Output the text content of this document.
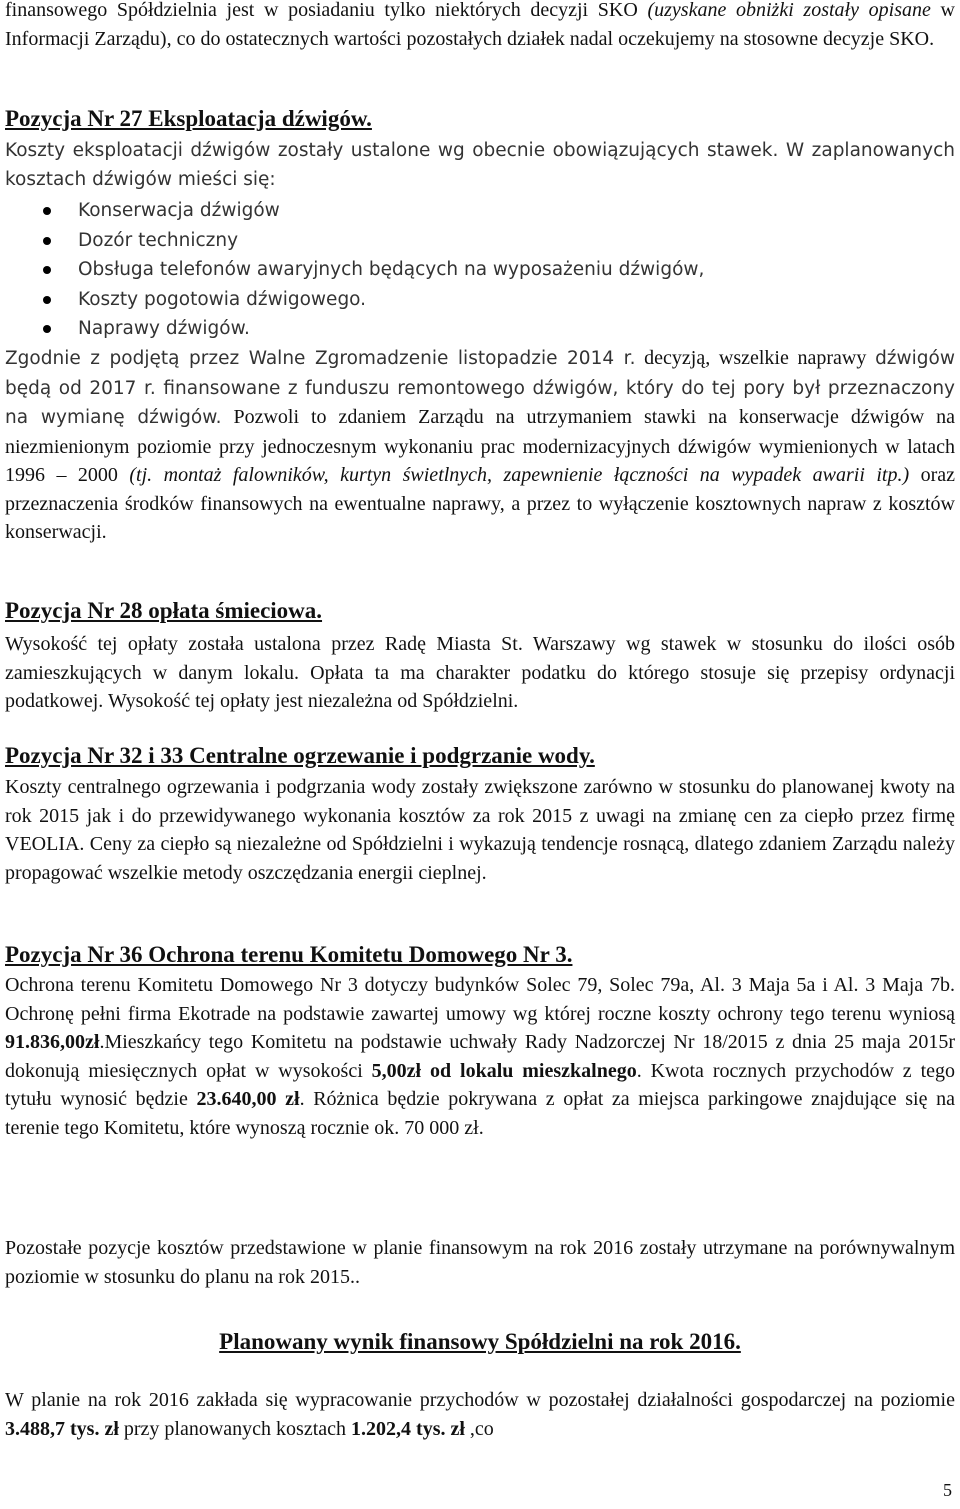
finansowego Spółdzielnia jest w posiadaniu tylko niektórych decyzji SKO (uzyskane obniżki zostały opisane w Informacji Zarządu), co do ostatecznych wartości pozostałych działek nadal oczekujemy na stosowne decyzje SKO.

Pozycja Nr 27 Eksploatacja dźwigów.

Koszty eksploatacji dźwigów zostały ustalone wg obecnie obowiązujących stawek. W zaplanowanych kosztach dźwigów mieści się:

Konserwacja dźwigów
Dozór techniczny
Obsługa telefonów awaryjnych będących na wyposażeniu dźwigów,
Koszty pogotowia dźwigowego.
Naprawy dźwigów.

Zgodnie z podjętą przez Walne Zgromadzenie listopadzie 2014 r. decyzją, wszelkie naprawy dźwigów będą od 2017 r. finansowane z funduszu remontowego dźwigów, który do tej pory był przeznaczony na wymianę dźwigów. Pozwoli to zdaniem Zarządu na utrzymaniem stawki na konserwacje dźwigów na niezmienionym poziomie przy jednoczesnym wykonaniu prac modernizacyjnych dźwigów wymienionych w latach 1996 – 2000 (tj. montaż falowników, kurtyn świetlnych, zapewnienie łączności na wypadek awarii itp.) oraz przeznaczenia środków finansowych na ewentualne naprawy, a przez to wyłączenie kosztownych napraw z kosztów konserwacji.

Pozycja Nr 28 opłata śmieciowa.

Wysokość tej opłaty została ustalona przez Radę Miasta St. Warszawy wg stawek w stosunku do ilości osób zamieszkujących w danym lokalu. Opłata ta ma charakter podatku do którego stosuje się przepisy ordynacji podatkowej. Wysokość tej opłaty jest niezależna od Spółdzielni.

Pozycja Nr 32 i 33 Centralne ogrzewanie i podgrzanie wody.

Koszty centralnego ogrzewania i podgrzania wody zostały zwiększone zarówno w stosunku do planowanej kwoty na rok 2015 jak i do przewidywanego wykonania kosztów za rok 2015 z uwagi na zmianę cen za ciepło przez firmę VEOLIA. Ceny za ciepło są niezależne od Spółdzielni i wykazują tendencje rosnącą, dlatego zdaniem Zarządu należy propagować wszelkie metody oszczędzania energii cieplnej.

Pozycja Nr 36 Ochrona terenu Komitetu Domowego Nr 3.

Ochrona terenu Komitetu Domowego Nr 3 dotyczy budynków Solec 79, Solec 79a, Al. 3 Maja 5a i Al. 3 Maja 7b. Ochronę pełni firma Ekotrade na podstawie zawartej umowy wg której roczne koszty ochrony tego terenu wyniosą 91.836,00zł.Mieszkańcy tego Komitetu na podstawie uchwały Rady Nadzorczej Nr 18/2015 z dnia 25 maja 2015r dokonują miesięcznych opłat w wysokości 5,00zł od lokalu mieszkalnego. Kwota rocznych przychodów z tego tytułu wynosić będzie 23.640,00 zł. Różnica będzie pokrywana z opłat za miejsca parkingowe znajdujące się na terenie tego Komitetu, które wynoszą rocznie ok. 70 000 zł.

Pozostałe pozycje kosztów przedstawione w planie finansowym na rok 2016 zostały utrzymane na porównywalnym poziomie w stosunku do planu na rok 2015..

Planowany wynik finansowy Spółdzielni na rok 2016.

W planie na rok 2016 zakłada się wypracowanie przychodów w pozostałej działalności gospodarczej na poziomie 3.488,7 tys. zł przy planowanych kosztach 1.202,4 tys. zł ,co

5
